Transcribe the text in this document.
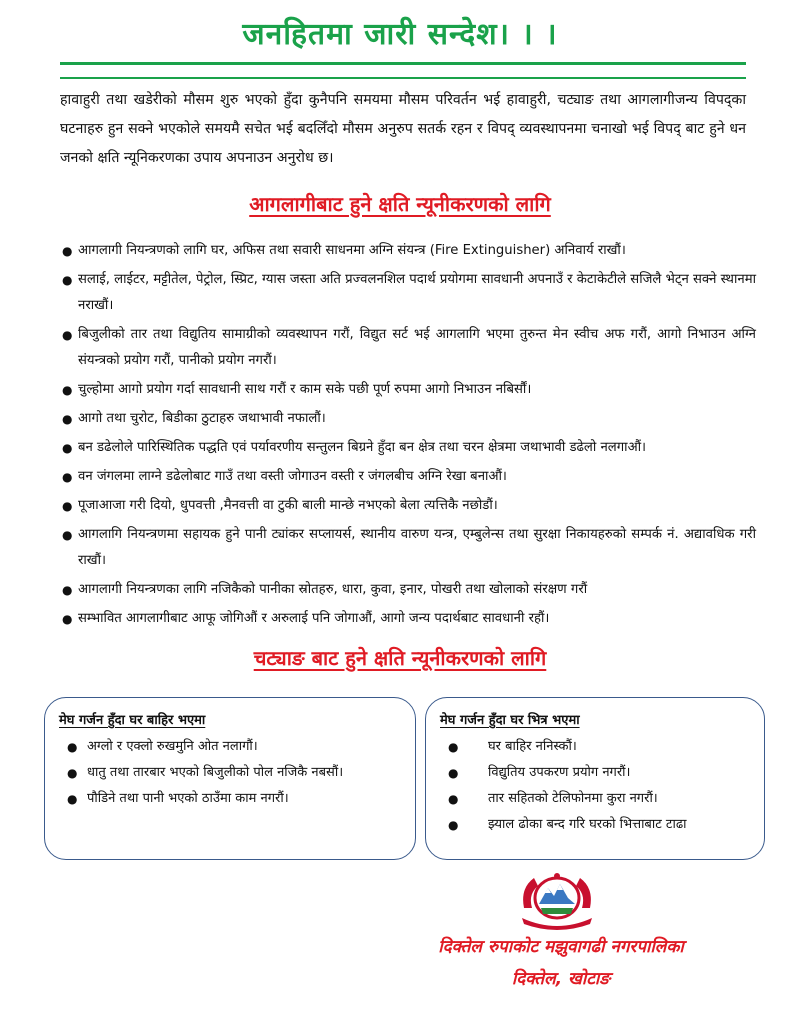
जनहितमा जारी सन्देश। । ।
हावाहुरी तथा खडेरीको मौसम शुरु भएको हुँदा कुनैपनि समयमा मौसम परिवर्तन भई हावाहुरी, चट्याङ तथा आगलागीजन्य विपद्का घटनाहरु हुन सक्ने भएकोले समयमै सचेत भई बदलिँदो मौसम अनुरुप सतर्क रहन र विपद् व्यवस्थापनमा चनाखो भई विपद् बाट हुने धन जनको क्षति न्यूनिकरणका उपाय अपनाउन अनुरोध छ।
आगलागीबाट हुने क्षति न्यूनीकरणको लागि
● आगलागी नियन्त्रणको लागि घर, अफिस तथा सवारी साधनमा अग्नि संयन्त्र (Fire Extinguisher) अनिवार्य राखौं।
● सलाई, लाईटर, मट्टीतेल, पेट्रोल, स्प्रिट, ग्यास जस्ता अति प्रज्वलनशिल पदार्थ प्रयोगमा सावधानी अपनाउँ र केटाकेटीले सजिलै भेट्न सक्ने स्थानमा नराखौं।
● बिजुलीको तार तथा विद्युतिय सामाग्रीको व्यवस्थापन गरौं, विद्युत सर्ट भई आगलागि भएमा तुरुन्त मेन स्वीच अफ गरौं, आगो निभाउन अग्नि संयन्त्रको प्रयोग गरौं, पानीको प्रयोग नगरौं।
● चुल्होमा आगो प्रयोग गर्दा सावधानी साथ गरौं र काम सके पछी पूर्ण रुपमा आगो निभाउन नबिर्सौं।
● आगो तथा चुरोट, बिडीका ठुटाहरु जथाभावी नफालौं।
● बन डढेलोले पारिस्थितिक पद्धति एवं पर्यावरणीय सन्तुलन बिग्रने हुँदा बन क्षेत्र तथा चरन क्षेत्रमा जथाभावी डढेलो नलगाऔं।
● वन जंगलमा लाग्ने डढेलोबाट गाउँ तथा वस्ती जोगाउन वस्ती र जंगलबीच अग्नि रेखा बनाऔं।
● पूजाआजा गरी दियो, धुपवत्ती ,मैनवत्ती वा टुकी बाली मान्छे नभएको बेला त्यत्तिकै नछोडौं।
● आगलागि नियन्त्रणमा सहायक हुने पानी ट्यांकर सप्लायर्स, स्थानीय वारुण यन्त्र, एम्बुलेन्स तथा सुरक्षा निकायहरुको सम्पर्क नं. अद्यावधिक गरी राखौं।
● आगलागी नियन्त्रणका लागि नजिकैको पानीका स्रोतहरु, धारा, कुवा, इनार, पोखरी तथा खोलाको संरक्षण गरौं
● सम्भावित आगलागीबाट आफू जोगिऔं र अरुलाई पनि जोगाऔं, आगो जन्य पदार्थबाट सावधानी रहौं।
चट्याङ बाट हुने क्षति न्यूनीकरणको लागि
मेघ गर्जन हुँदा घर बाहिर भएमा
● अग्लो र एक्लो रुखमुनि ओत नलागौं।
● धातु तथा तारबार भएको बिजुलीको पोल नजिकै नबसौं।
● पौडिने तथा पानी भएको ठाउँमा काम नगरौं।
मेघ गर्जन हुँदा घर भित्र भएमा
● घर बाहिर ननिस्कौं।
● विद्युतिय उपकरण प्रयोग नगरौं।
● तार सहितको टेलिफोनमा कुरा नगरौं।
● झ्याल ढोका बन्द गरि घरको भित्ताबाट टाढा
दिक्तेल रुपाकोट मझुवागढी नगरपालिका
दिक्तेल, खोटाङ
